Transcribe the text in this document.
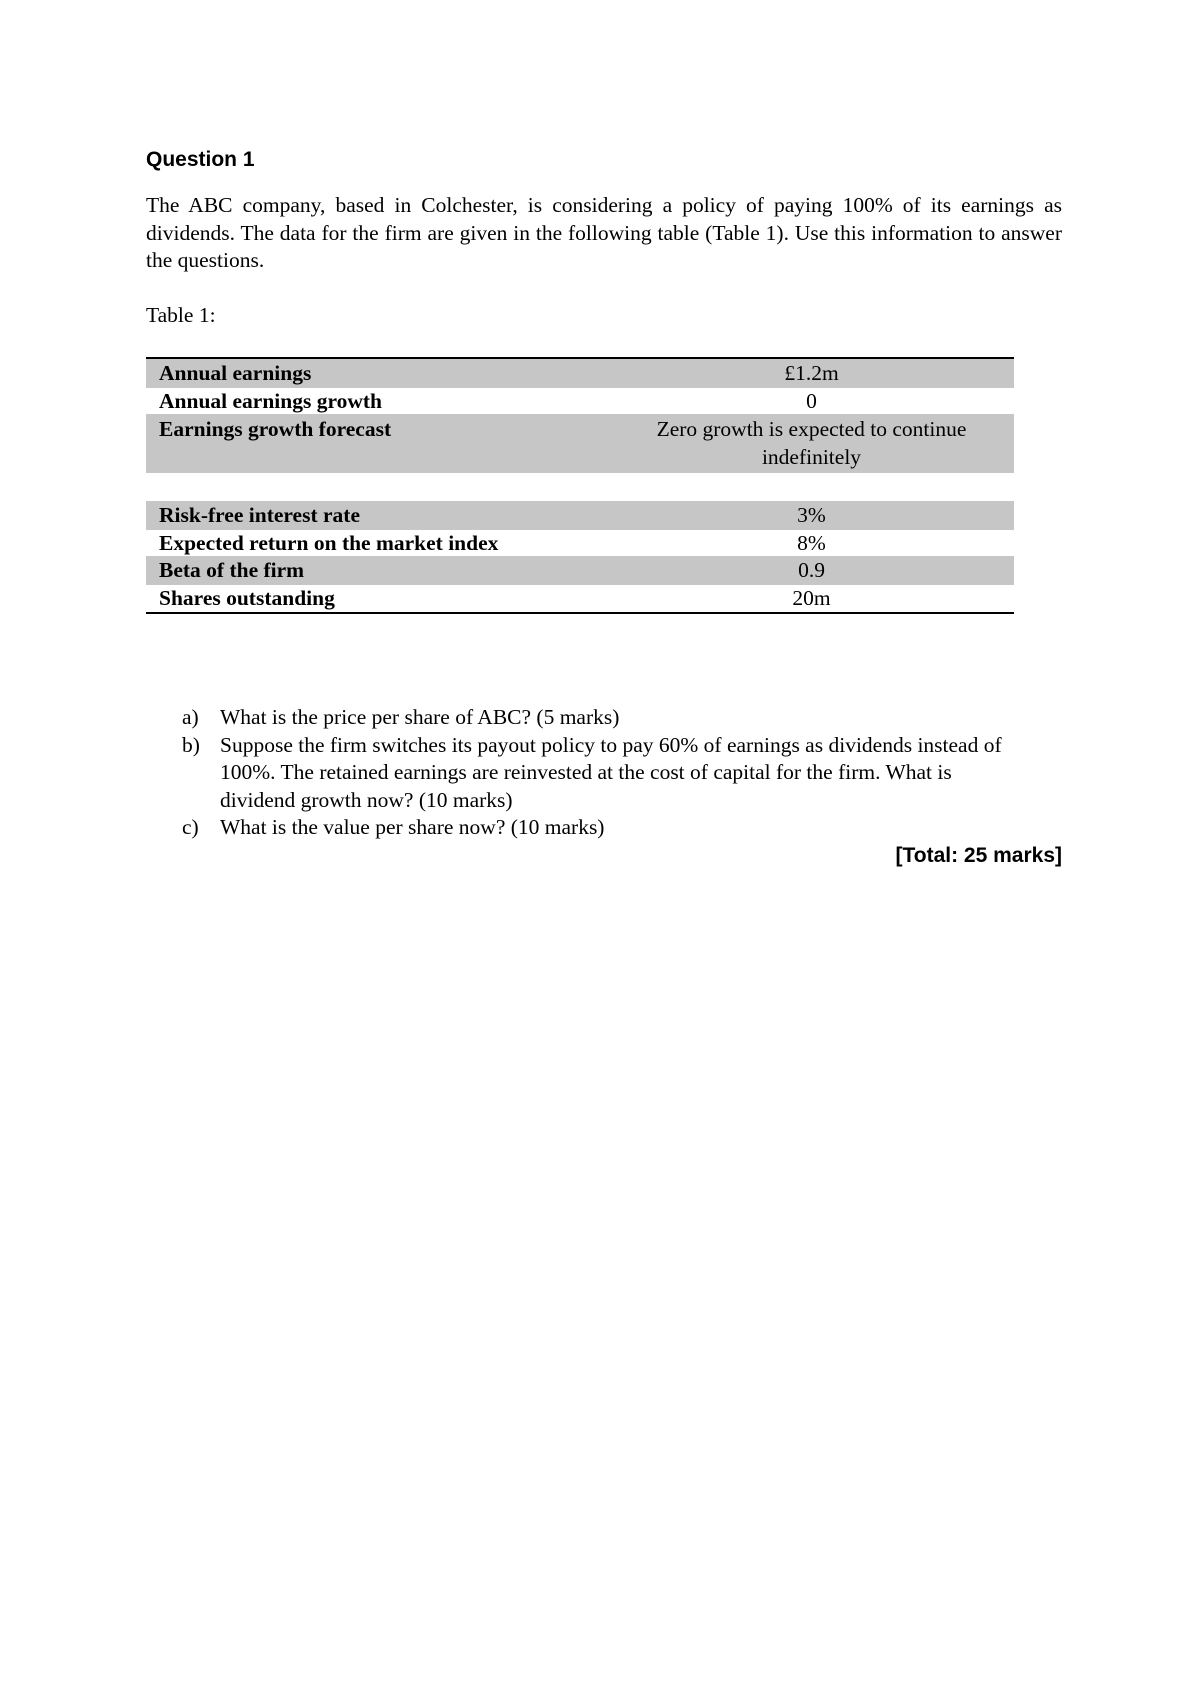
Question 1

The ABC company, based in Colchester, is considering a policy of paying 100% of its earnings as dividends. The data for the firm are given in the following table (Table 1). Use this information to answer the questions.

Table 1:

Annual earnings	£1.2m
Annual earnings growth	0
Earnings growth forecast	Zero growth is expected to continue indefinitely

Risk-free interest rate	3%
Expected return on the market index	8%
Beta of the firm	0.9
Shares outstanding	20m
a) What is the price per share of ABC? (5 marks)
b) Suppose the firm switches its payout policy to pay 60% of earnings as dividends instead of 100%. The retained earnings are reinvested at the cost of capital for the firm. What is dividend growth now? (10 marks)
c) What is the value per share now? (10 marks)

[Total: 25 marks]
